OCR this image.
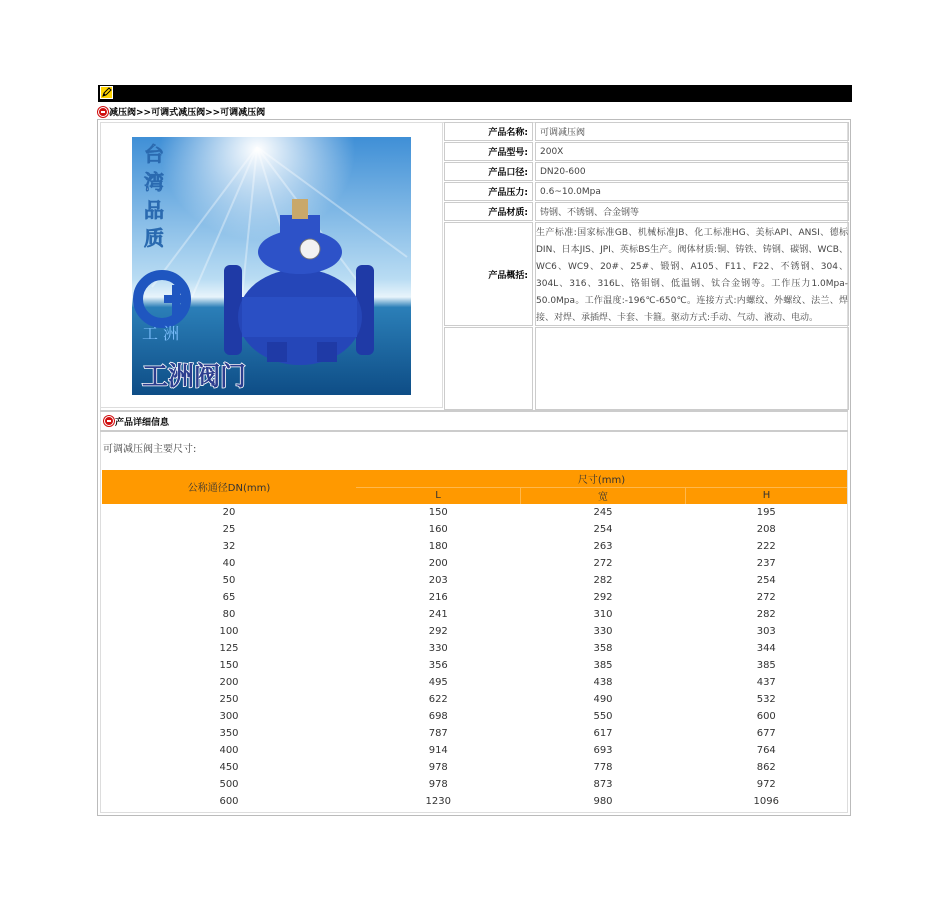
减压阀>>可调式减压阀>>可调减压阀
台
湾
品
质
工 洲
工洲阀门
产品名称:	可调减压阀
产品型号:	200X
产品口径:	DN20-600
产品压力:	0.6~10.0Mpa
产品材质:	铸钢、不锈钢、合金钢等
产品概括:
生产标准:国家标准GB、机械标准JB、化工标准HG、美标API、ANSI、德标DIN、日本JIS、JPI、英标BS生产。阀体材质:铜、铸铁、铸钢、碳钢、WCB、WC6、WC9、20#、25#、锻钢、A105、F11、F22、不锈钢、304、304L、316、316L、铬钼钢、低温钢、钛合金钢等。工作压力1.0Mpa-50.0Mpa。工作温度:-196℃-650℃。连接方式:内螺纹、外螺纹、法兰、焊接、对焊、承插焊、卡套、卡箍。驱动方式:手动、气动、液动、电动。
产品详细信息
可调减压阀主要尺寸:
公称通径DN(mm)	尺寸(mm)		
	L	宽	H
20	150	245	195
25	160	254	208
32	180	263	222
40	200	272	237
50	203	282	254
65	216	292	272
80	241	310	282
100	292	330	303
125	330	358	344
150	356	385	385
200	495	438	437
250	622	490	532
300	698	550	600
350	787	617	677
400	914	693	764
450	978	778	862
500	978	873	972
600	1230	980	1096
